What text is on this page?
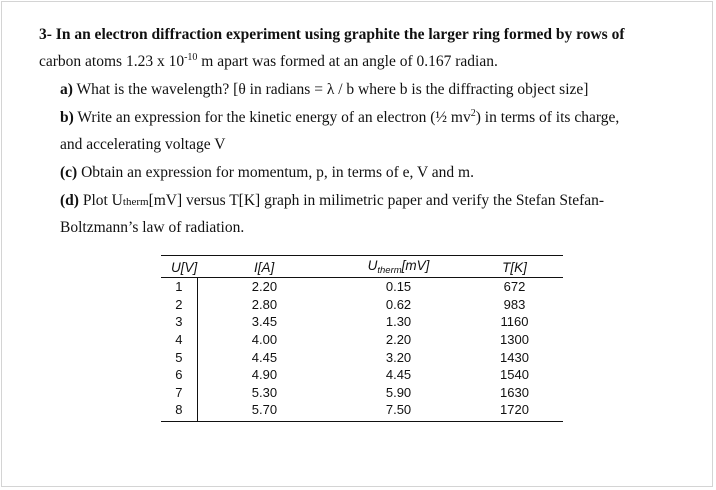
3- In an electron diffraction experiment using graphite the larger ring formed by rows of
carbon atoms 1.23 x $10^{-10}$ m apart was formed at an angle of 0.167 radian.
a) What is the wavelength? [θ in radians = λ / b where b is the diffracting object size]
b) Write an expression for the kinetic energy of an electron (½ $mv^2$) in terms of its charge,
and accelerating voltage V
(c) Obtain an expression for momentum, p, in terms of e, V and m.
(d) Plot Utherm[mV] versus T[K] graph in milimetric paper and verify the Stefan Stefan-
Boltzmann’s law of radiation.
U[V]	I[A]	$U_{therm}[mV]$	T[K]
1	2.20	0.15	672
2	2.80	0.62	983
3	3.45	1.30	1160
4	4.00	2.20	1300
5	4.45	3.20	1430
6	4.90	4.45	1540
7	5.30	5.90	1630
8	5.70	7.50	1720
